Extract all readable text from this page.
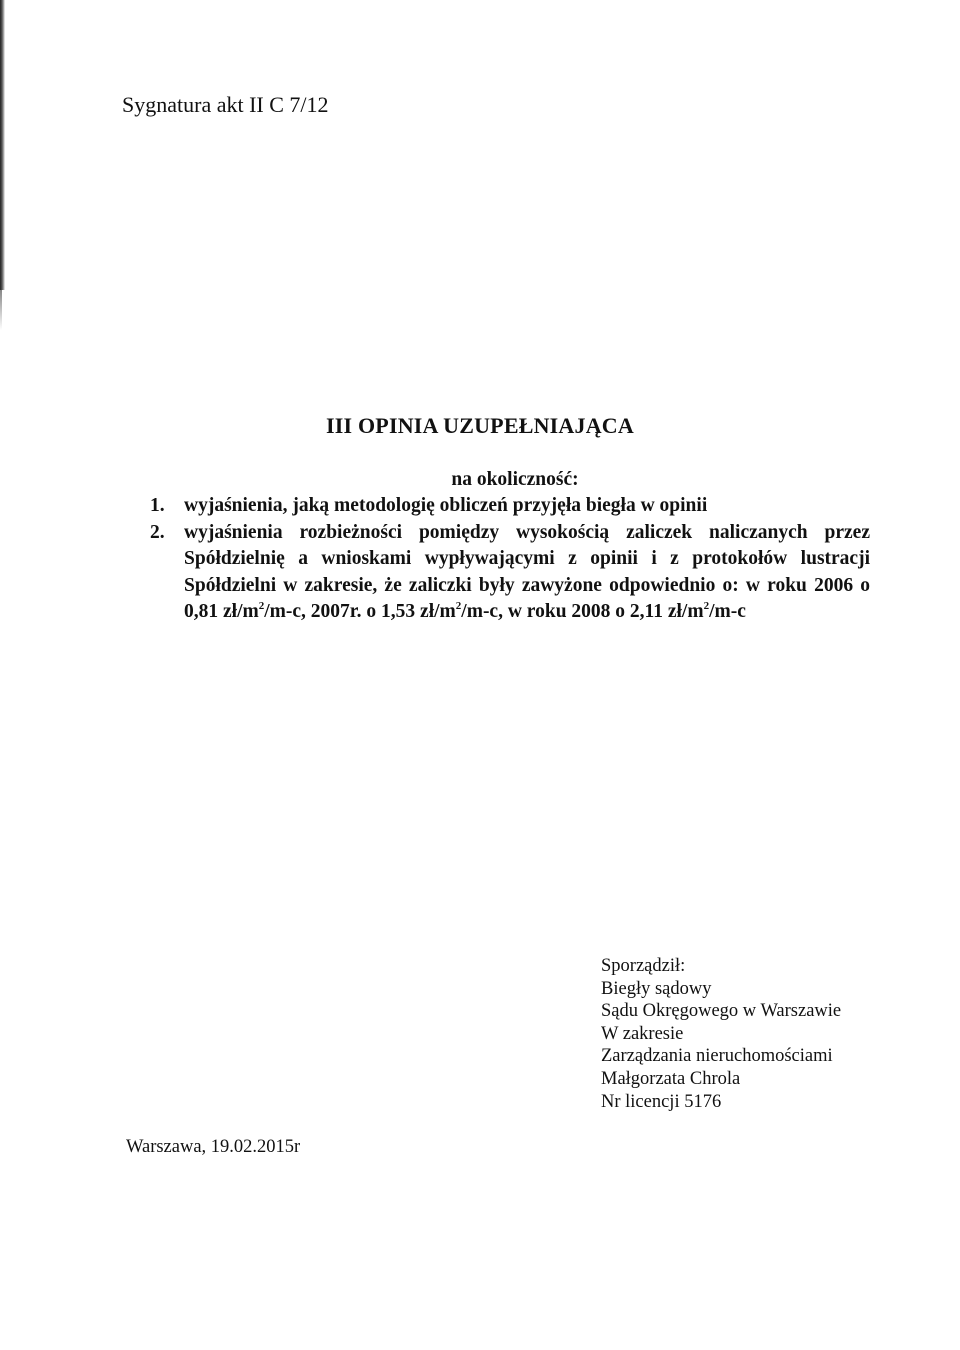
Sygnatura akt II C 7/12
III OPINIA UZUPEŁNIAJĄCA
na okoliczność:
1. wyjaśnienia, jaką metodologię obliczeń przyjęła biegła w opinii
2. wyjaśnienia rozbieżności pomiędzy wysokością zaliczek naliczanych przez Spółdzielnię a wnioskami wypływającymi z opinii i z protokołów lustracji Spółdzielni w zakresie, że zaliczki były zawyżone odpowiednio o: w roku 2006 o 0,81 $zł/m^2/m-c$, 2007r. o 1,53 $zł/m^2/m-c$, w roku 2008 o 2,11 $zł/m^2/m-c$
Sporządził:
Biegły sądowy
Sądu Okręgowego w Warszawie
W zakresie
Zarządzania nieruchomościami
Małgorzata Chrola
Nr licencji 5176
Warszawa, 19.02.2015r
